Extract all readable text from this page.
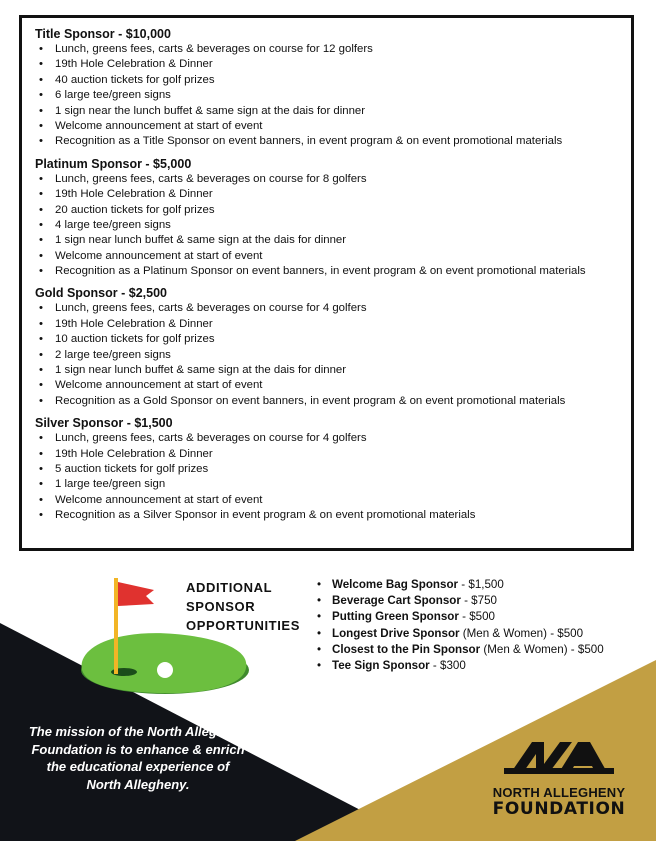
Title Sponsor - $10,000
• Lunch, greens fees, carts & beverages on course for 12 golfers
• 19th Hole Celebration & Dinner
• 40 auction tickets for golf prizes
• 6 large tee/green signs
• 1 sign near the lunch buffet & same sign at the dais for dinner
• Welcome announcement at start of event
• Recognition as a Title Sponsor on event banners, in event program & on event promotional materials
Platinum Sponsor - $5,000
• Lunch, greens fees, carts & beverages on course for 8 golfers
• 19th Hole Celebration & Dinner
• 20 auction tickets for golf prizes
• 4 large tee/green signs
• 1 sign near lunch buffet & same sign at the dais for dinner
• Welcome announcement at start of event
• Recognition as a Platinum Sponsor on event banners, in event program & on event promotional materials
Gold Sponsor - $2,500
• Lunch, greens fees, carts & beverages on course for 4 golfers
• 19th Hole Celebration & Dinner
• 10 auction tickets for golf prizes
• 2 large tee/green signs
• 1 sign near lunch buffet & same sign at the dais for dinner
• Welcome announcement at start of event
• Recognition as a Gold Sponsor on event banners, in event program & on event promotional materials
Silver Sponsor - $1,500
• Lunch, greens fees, carts & beverages on course for 4 golfers
• 19th Hole Celebration & Dinner
• 5 auction tickets for golf prizes
• 1 large tee/green sign
• Welcome announcement at start of event
• Recognition as a Silver Sponsor in event program & on event promotional materials
ADDITIONAL
SPONSOR
OPPORTUNITIES
• Welcome Bag Sponsor - $1,500
• Beverage Cart Sponsor - $750
• Putting Green Sponsor - $500
• Longest Drive Sponsor (Men & Women) - $500
• Closest to the Pin Sponsor (Men & Women) - $500
• Tee Sign Sponsor - $300
The mission of the North Allegheny Foundation is to enhance & enrich the educational experience of North Allegheny.
NORTH ALLEGHENY
FOUNDATION
